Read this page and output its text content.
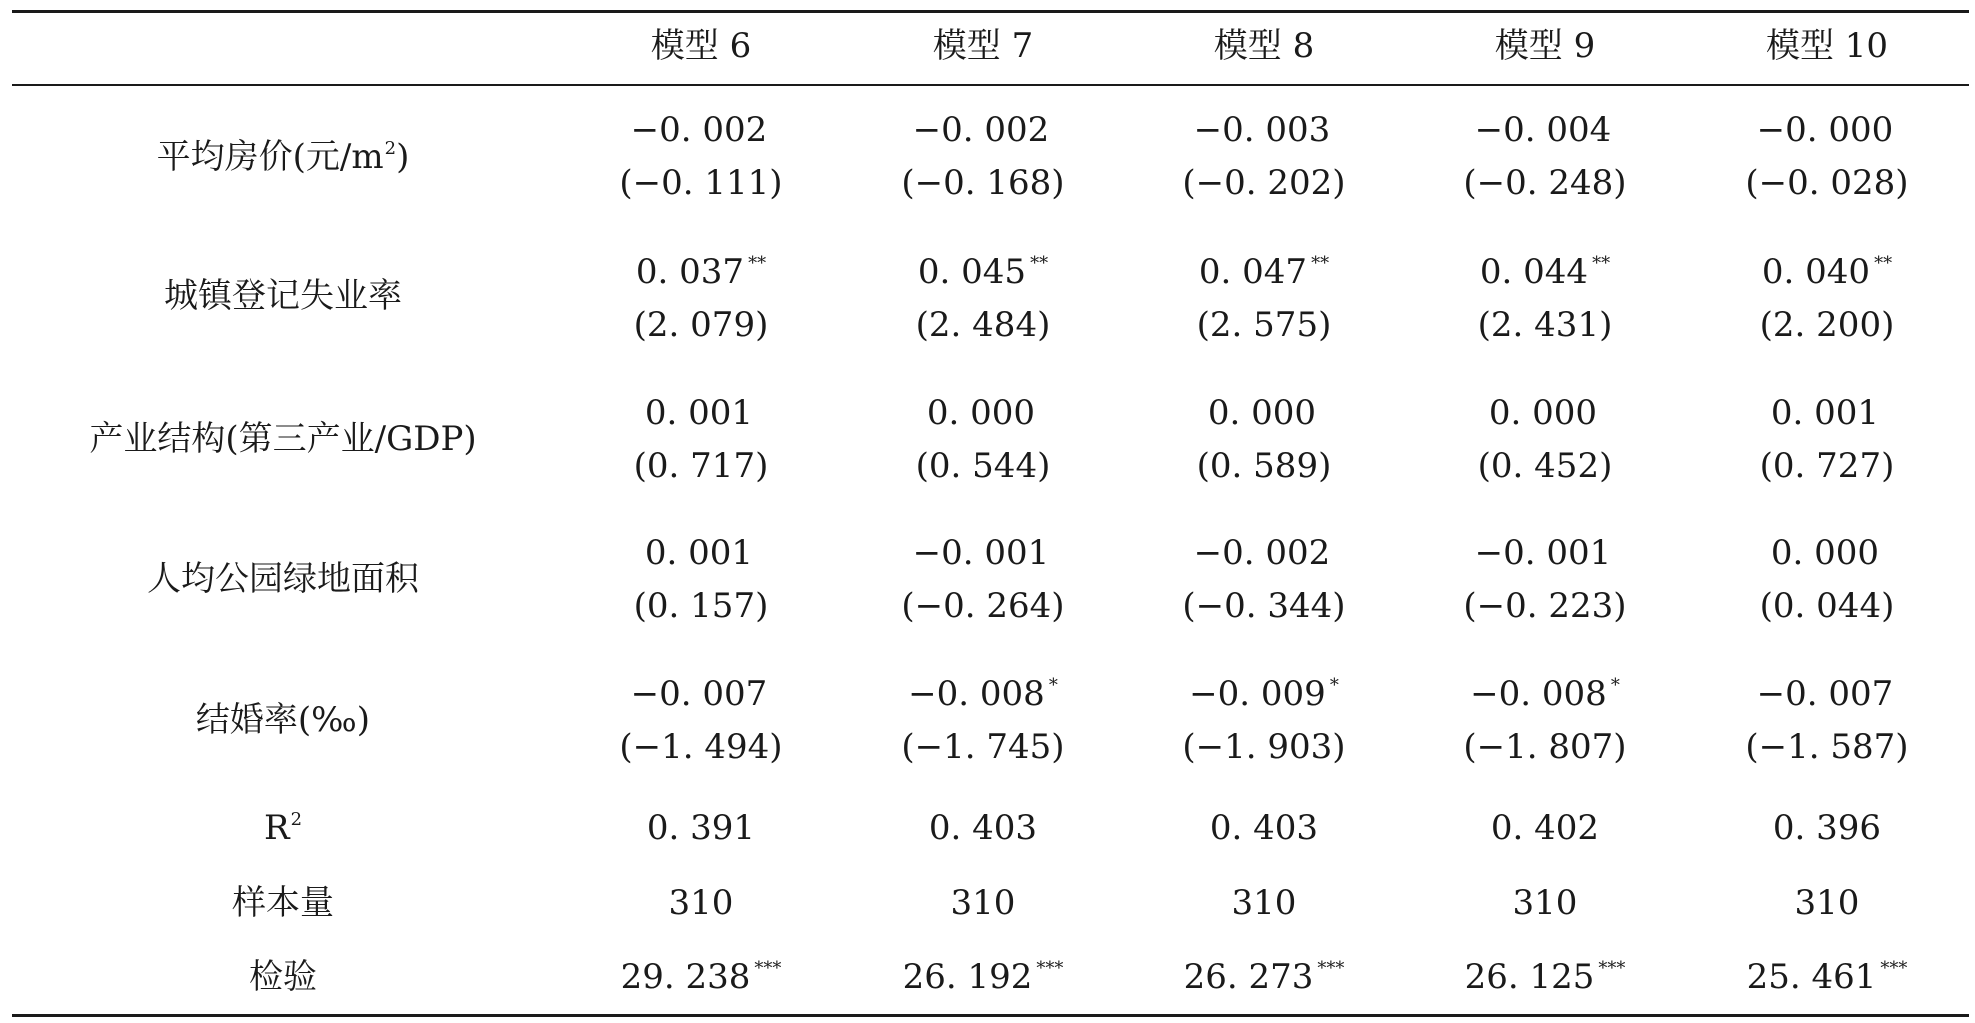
模型 6	模型 7	模型 8	模型 9	模型 10
平均房价(元$/m^2$)
−0. 002	−0. 002	−0. 003	−0. 004	−0. 000
(−0. 111)	(−0. 168)	(−0. 202)	(−0. 248)	(−0. 028)
城镇登记失业率
0. 037 **	0. 045 **	0. 047 **	0. 044 **	0. 040 **
(2. 079)	(2. 484)	(2. 575)	(2. 431)	(2. 200)
产业结构(第三产业/GDP)
0. 001	0. 000	0. 000	0. 000	0. 001
(0. 717)	(0. 544)	(0. 589)	(0. 452)	(0. 727)
人均公园绿地面积
0. 001	−0. 001	−0. 002	−0. 001	0. 000
(0. 157)	(−0. 264)	(−0. 344)	(−0. 223)	(0. 044)
结婚率(‰)
−0. 007	−0. 008 *	−0. 009 *	−0. 008 *	−0. 007
(−1. 494)	(−1. 745)	(−1. 903)	(−1. 807)	(−1. 587)
$R^2$	0. 391	0. 403	0. 403	0. 402	0. 396
样本量	310	310	310	310	310
检验	29. 238 ***	26. 192 ***	26. 273 ***	26. 125 ***	25. 461 ***
